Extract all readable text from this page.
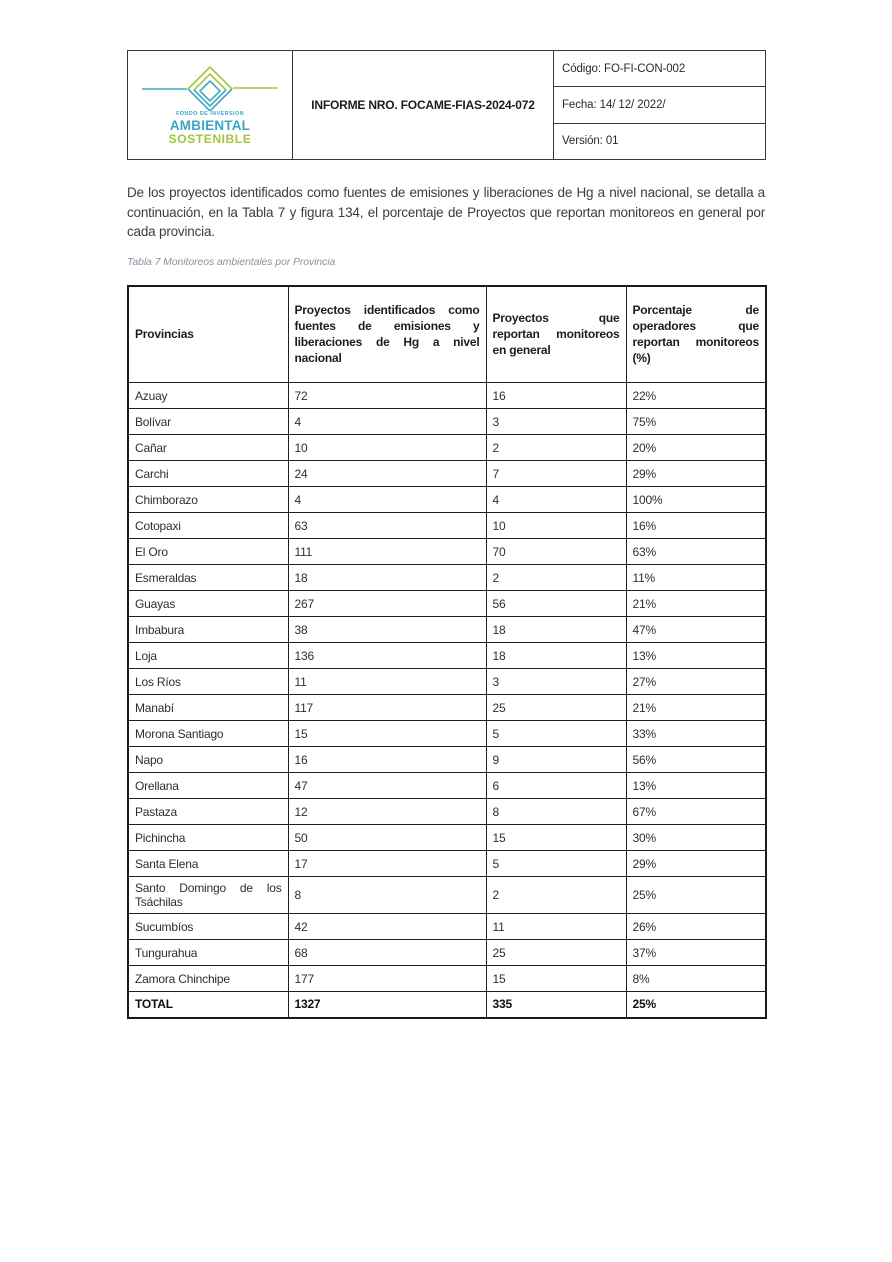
FONDO DE INVERSION
AMBIENTAL
SOSTENIBLE
	INFORME NRO. FOCAME-FIAS-2024-072	Código: FO-FI-CON-002
Fecha: 14/ 12/ 2022/
Versión: 01

De los proyectos identificados como fuentes de emisiones y liberaciones de Hg a nivel nacional, se detalla a continuación, en la Tabla 7 y figura 134, el porcentaje de Proyectos que reportan monitoreos en general por cada provincia.

Tabla 7 Monitoreos ambientales por Provincia
Provincias	Proyectos identificados como fuentes de emisiones y liberaciones de Hg a nivel nacional	Proyectos que reportan monitoreos en general	Porcentaje de operadores que reportan monitoreos (%)
Azuay	72	16	22%
Bolívar	4	3	75%
Cañar	10	2	20%
Carchi	24	7	29%
Chimborazo	4	4	100%
Cotopaxi	63	10	16%
El Oro	111	70	63%
Esmeraldas	18	2	11%
Guayas	267	56	21%
Imbabura	38	18	47%
Loja	136	18	13%
Los Ríos	11	3	27%
Manabí	117	25	21%
Morona Santiago	15	5	33%
Napo	16	9	56%
Orellana	47	6	13%
Pastaza	12	8	67%
Pichincha	50	15	30%
Santa Elena	17	5	29%
Santo Domingo de los Tsáchilas	8	2	25%
Sucumbíos	42	11	26%
Tungurahua	68	25	37%
Zamora Chinchipe	177	15	8%
TOTAL	1327	335	25%
